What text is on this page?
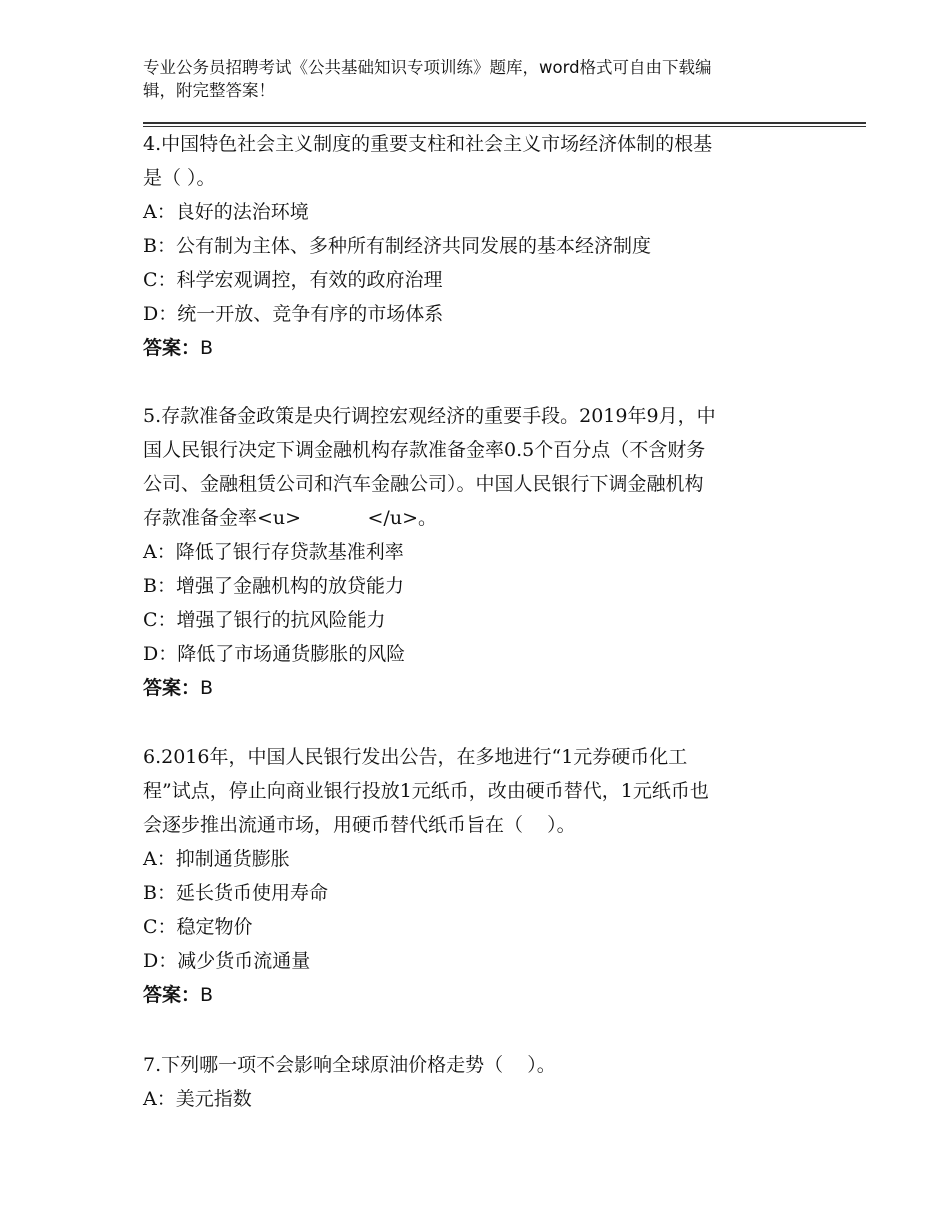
专业公务员招聘考试《公共基础知识专项训练》题库，word格式可自由下载编
辑，附完整答案！

4.中国特色社会主义制度的重要支柱和社会主义市场经济体制的根基

是（ ）。

A：良好的法治环境

B：公有制为主体、多种所有制经济共同发展的基本经济制度

C：科学宏观调控，有效的政府治理

D：统一开放、竞争有序的市场体系

答案：B

5.存款准备金政策是央行调控宏观经济的重要手段。2019年9月，中

国人民银行决定下调金融机构存款准备金率0.5个百分点（不含财务

公司、金融租赁公司和汽车金融公司）。中国人民银行下调金融机构

存款准备金率<u>           </u>。

A：降低了银行存贷款基准利率

B：增强了金融机构的放贷能力

C：增强了银行的抗风险能力

D：降低了市场通货膨胀的风险

答案：B

6.2016年，中国人民银行发出公告，在多地进行“1元券硬币化工

程”试点，停止向商业银行投放1元纸币，改由硬币替代，1元纸币也

会逐步推出流通市场，用硬币替代纸币旨在（    ）。

A：抑制通货膨胀

B：延长货币使用寿命

C：稳定物价

D：减少货币流通量

答案：B

7.下列哪一项不会影响全球原油价格走势（    ）。

A：美元指数
